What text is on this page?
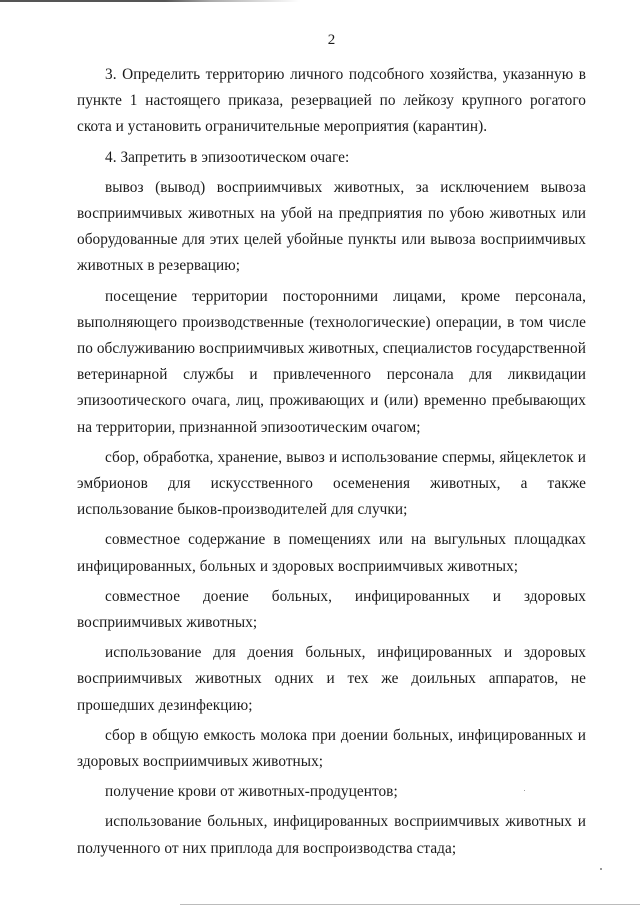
2

3. Определить территорию личного подсобного хозяйства, указанную в пункте 1 настоящего приказа, резервацией по лейкозу крупного рогатого скота и установить ограничительные мероприятия (карантин).

4. Запретить в эпизоотическом очаге:

вывоз (вывод) восприимчивых животных, за исключением вывоза восприимчивых животных на убой на предприятия по убою животных или оборудованные для этих целей убойные пункты или вывоза восприимчивых животных в резервацию;

посещение территории посторонними лицами, кроме персонала, выполняющего производственные (технологические) операции, в том числе по обслуживанию восприимчивых животных, специалистов государственной ветеринарной службы и привлеченного персонала для ликвидации эпизоотического очага, лиц, проживающих и (или) временно пребывающих на территории, признанной эпизоотическим очагом;

сбор, обработка, хранение, вывоз и использование спермы, яйцеклеток и эмбрионов для искусственного осеменения животных, а также использование быков-производителей для случки;

совместное содержание в помещениях или на выгульных площадках инфицированных, больных и здоровых восприимчивых животных;

совместное доение больных, инфицированных и здоровых восприимчивых животных;

использование для доения больных, инфицированных и здоровых восприимчивых животных одних и тех же доильных аппаратов, не прошедших дезинфекцию;

сбор в общую емкость молока при доении больных, инфицированных и здоровых восприимчивых животных;

получение крови от животных-продуцентов;

использование больных, инфицированных восприимчивых животных и полученного от них приплода для воспроизводства стада;
